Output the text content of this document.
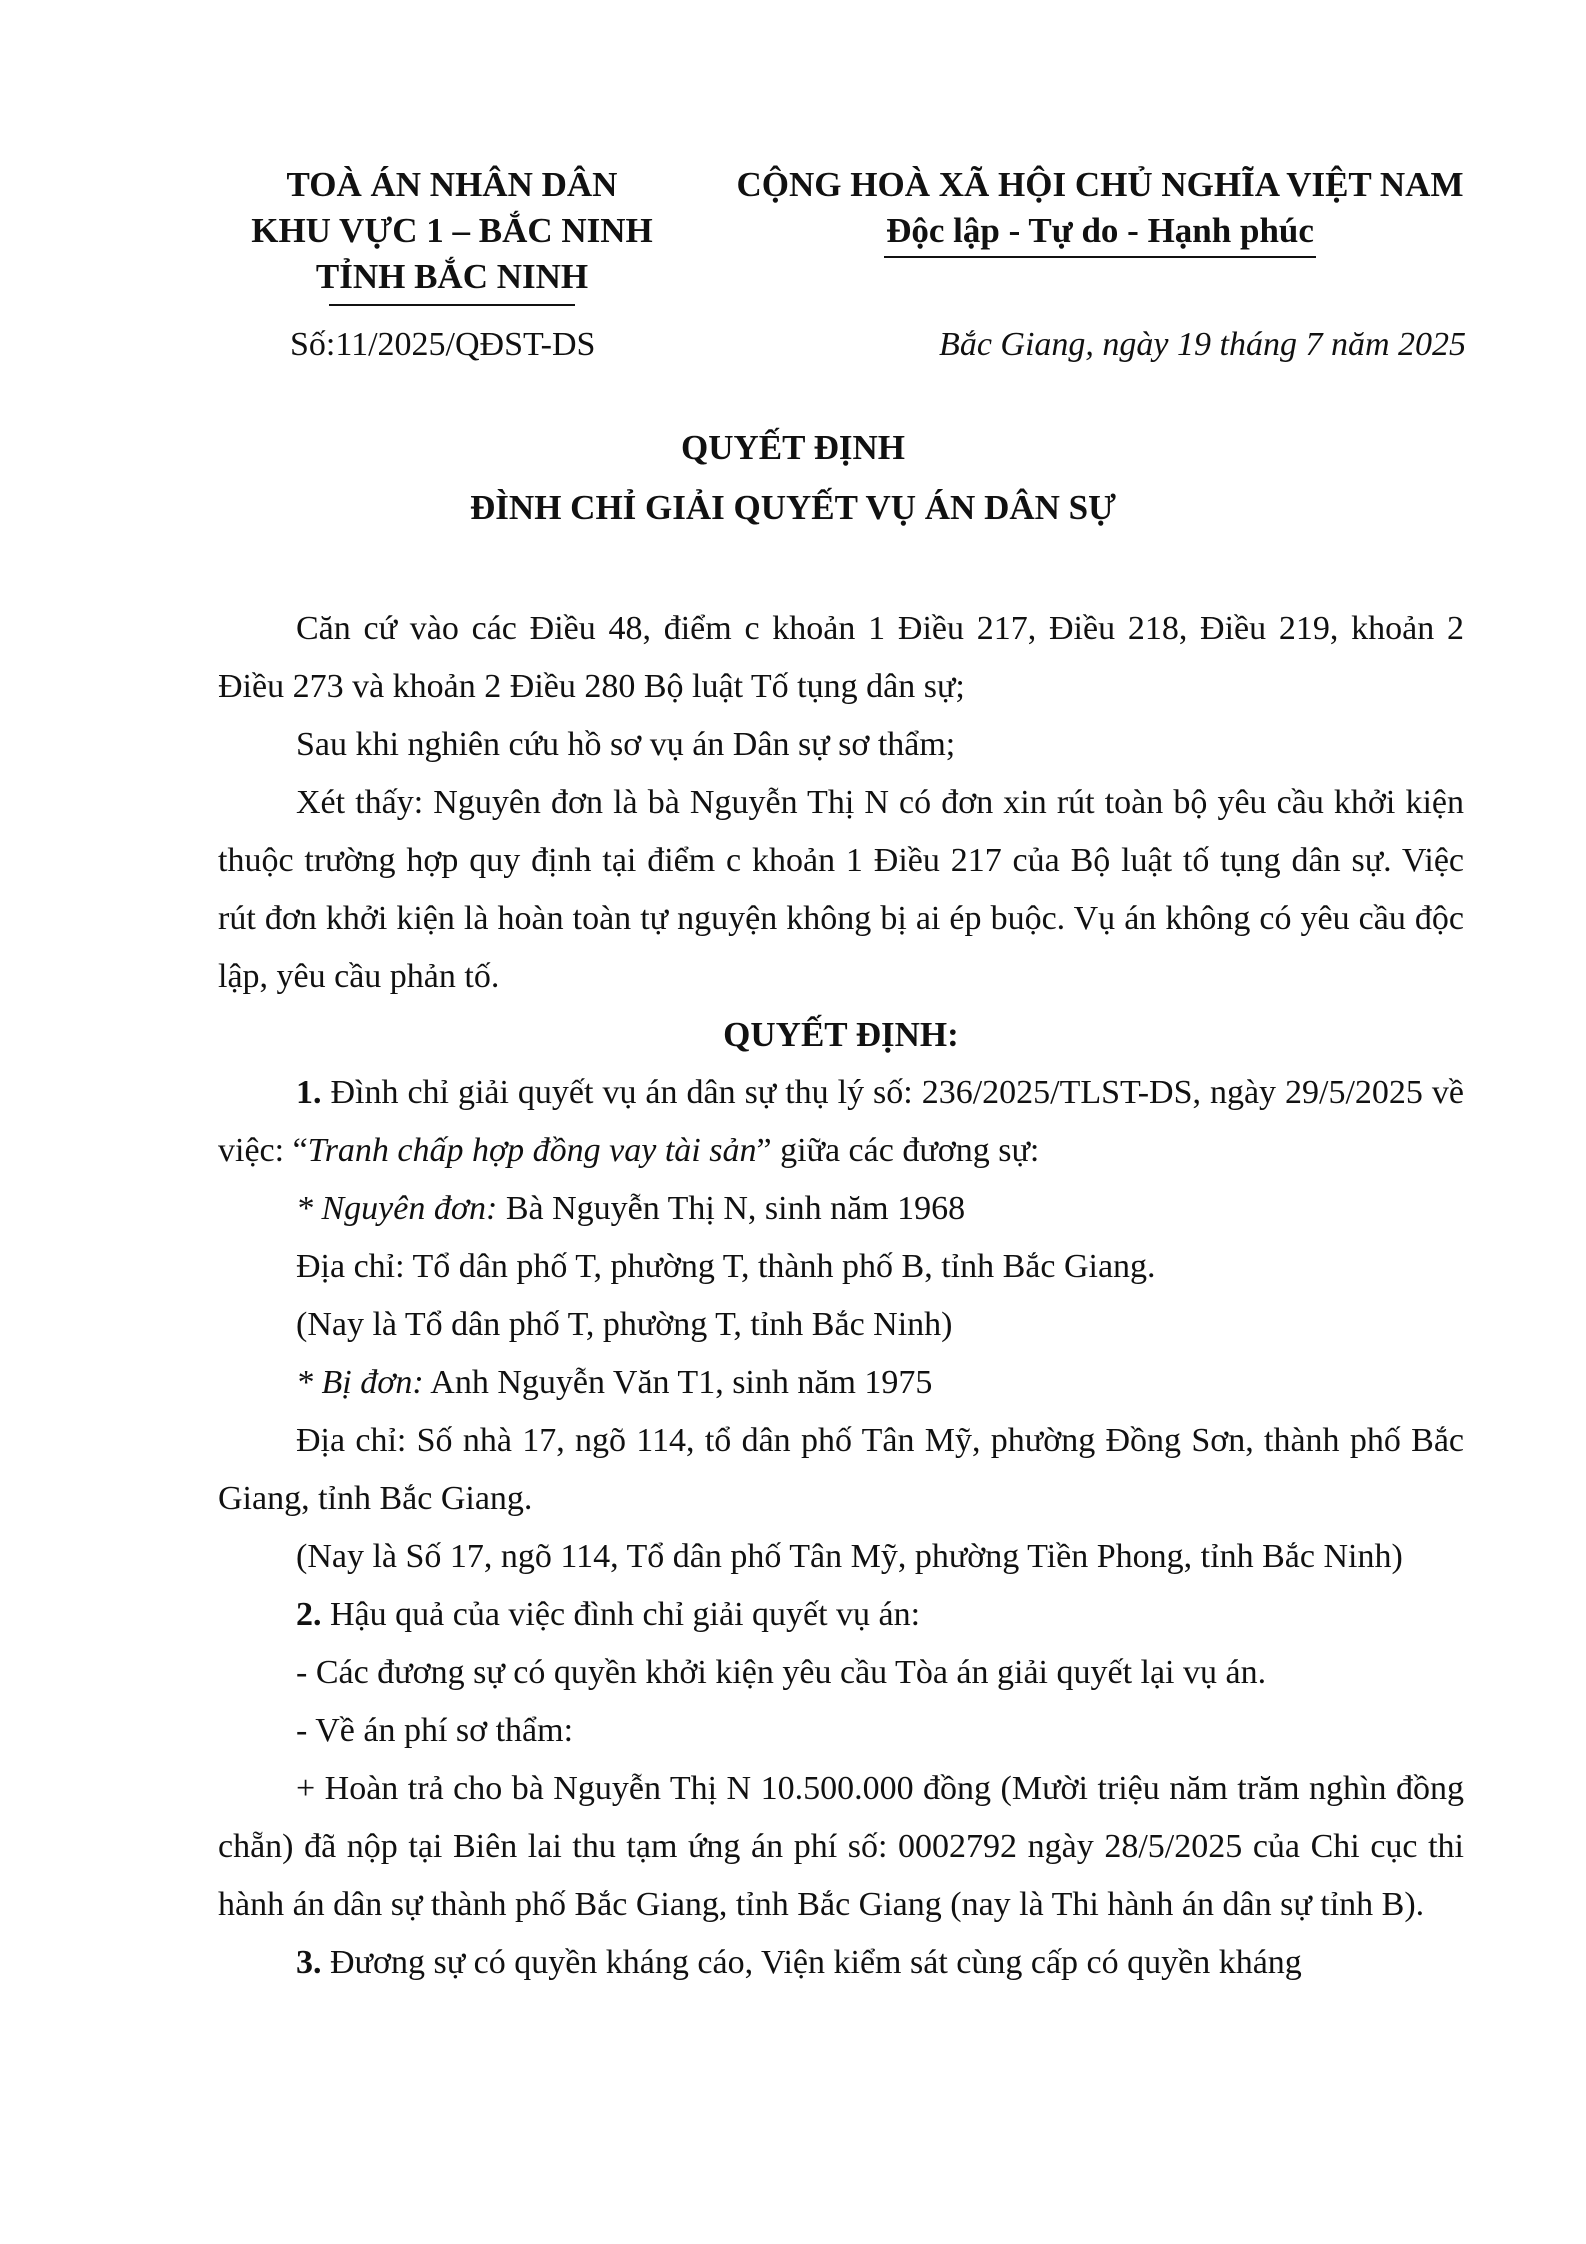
TOÀ ÁN NHÂN DÂN
KHU VỰC 1 – BẮC NINH
TỈNH BẮC NINH
CỘNG HOÀ XÃ HỘI CHỦ NGHĨA VIỆT NAM
Độc lập - Tự do - Hạnh phúc
Số:11/2025/QĐST-DS	Bắc Giang, ngày 19 tháng 7 năm 2025
QUYẾT ĐỊNH
ĐÌNH CHỈ GIẢI QUYẾT VỤ ÁN DÂN SỰ

Căn cứ vào các Điều 48, điểm c khoản 1 Điều 217, Điều 218, Điều 219, khoản 2 Điều 273 và khoản 2 Điều 280 Bộ luật Tố tụng dân sự;

Sau khi nghiên cứu hồ sơ vụ án Dân sự sơ thẩm;

Xét thấy: Nguyên đơn là bà Nguyễn Thị N có đơn xin rút toàn bộ yêu cầu khởi kiện thuộc trường hợp quy định tại điểm c khoản 1 Điều 217 của Bộ luật tố tụng dân sự. Việc rút đơn khởi kiện là hoàn toàn tự nguyện không bị ai ép buộc. Vụ án không có yêu cầu độc lập, yêu cầu phản tố.

QUYẾT ĐỊNH:

1. Đình chỉ giải quyết vụ án dân sự thụ lý số: 236/2025/TLST-DS, ngày 29/5/2025 về việc: “Tranh chấp hợp đồng vay tài sản” giữa các đương sự:

* Nguyên đơn: Bà Nguyễn Thị N, sinh năm 1968

Địa chỉ: Tổ dân phố T, phường T, thành phố B, tỉnh Bắc Giang.

(Nay là Tổ dân phố T, phường T, tỉnh Bắc Ninh)

* Bị đơn: Anh Nguyễn Văn T1, sinh năm 1975

Địa chỉ: Số nhà 17, ngõ 114, tổ dân phố Tân Mỹ, phường Đồng Sơn, thành phố Bắc Giang, tỉnh Bắc Giang.

(Nay là Số 17, ngõ 114, Tổ dân phố Tân Mỹ, phường Tiền Phong, tỉnh Bắc Ninh)

2. Hậu quả của việc đình chỉ giải quyết vụ án:

- Các đương sự có quyền khởi kiện yêu cầu Tòa án giải quyết lại vụ án.

- Về án phí sơ thẩm:

+ Hoàn trả cho bà Nguyễn Thị N 10.500.000 đồng (Mười triệu năm trăm nghìn đồng chẵn) đã nộp tại Biên lai thu tạm ứng án phí số: 0002792 ngày 28/5/2025 của Chi cục thi hành án dân sự thành phố Bắc Giang, tỉnh Bắc Giang (nay là Thi hành án dân sự tỉnh B).

3. Đương sự có quyền kháng cáo, Viện kiểm sát cùng cấp có quyền kháng
